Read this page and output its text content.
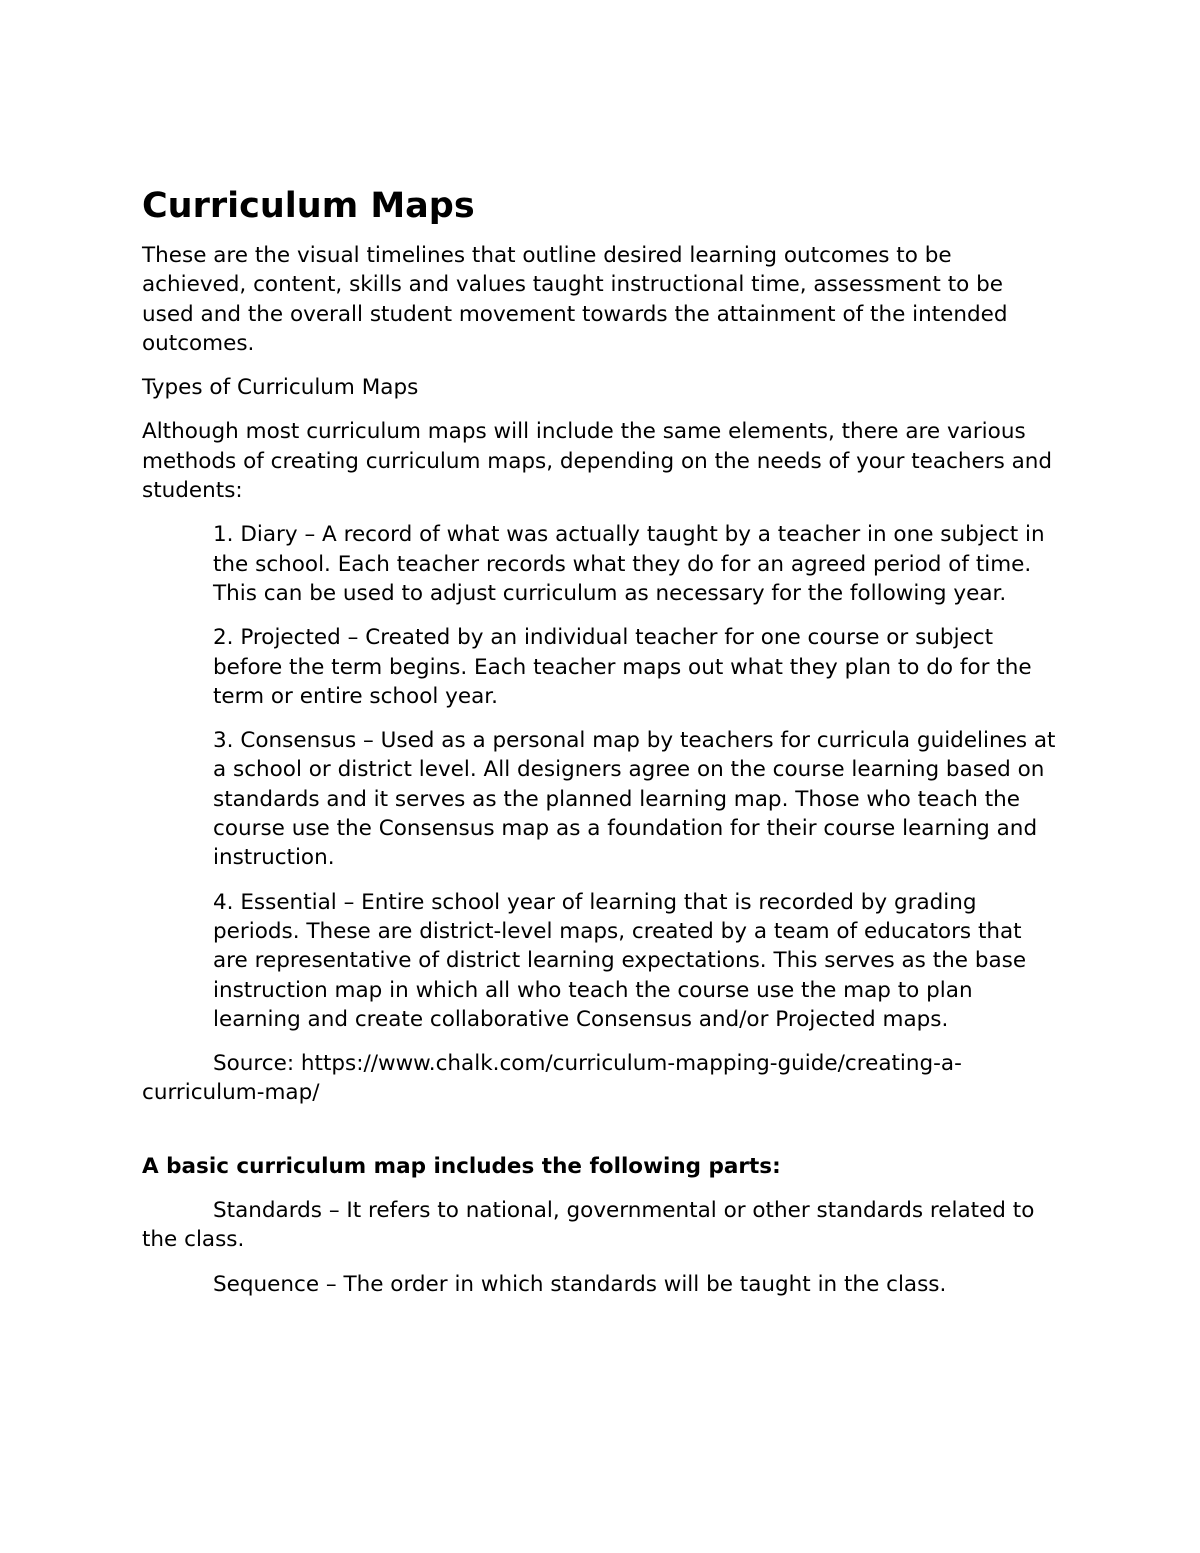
Curriculum Maps

These are the visual timelines that outline desired learning outcomes to be achieved, content, skills and values taught instructional time, assessment to be used and the overall student movement towards the attainment of the intended outcomes.

Types of Curriculum Maps

Although most curriculum maps will include the same elements, there are various methods of creating curriculum maps, depending on the needs of your teachers and students:

1. Diary – A record of what was actually taught by a teacher in one subject in the school. Each teacher records what they do for an agreed period of time. This can be used to adjust curriculum as necessary for the following year.

2. Projected – Created by an individual teacher for one course or subject before the term begins. Each teacher maps out what they plan to do for the term or entire school year.

3. Consensus – Used as a personal map by teachers for curricula guidelines at a school or district level. All designers agree on the course learning based on standards and it serves as the planned learning map. Those who teach the course use the Consensus map as a foundation for their course learning and instruction.

4. Essential – Entire school year of learning that is recorded by grading periods. These are district-level maps, created by a team of educators that are representative of district learning expectations. This serves as the base instruction map in which all who teach the course use the map to plan learning and create collaborative Consensus and/or Projected maps.

Source: https://www.chalk.com/curriculum-mapping-guide/creating-a-curriculum-map/

A basic curriculum map includes the following parts:

Standards – It refers to national, governmental or other standards related to the class.

Sequence – The order in which standards will be taught in the class.
